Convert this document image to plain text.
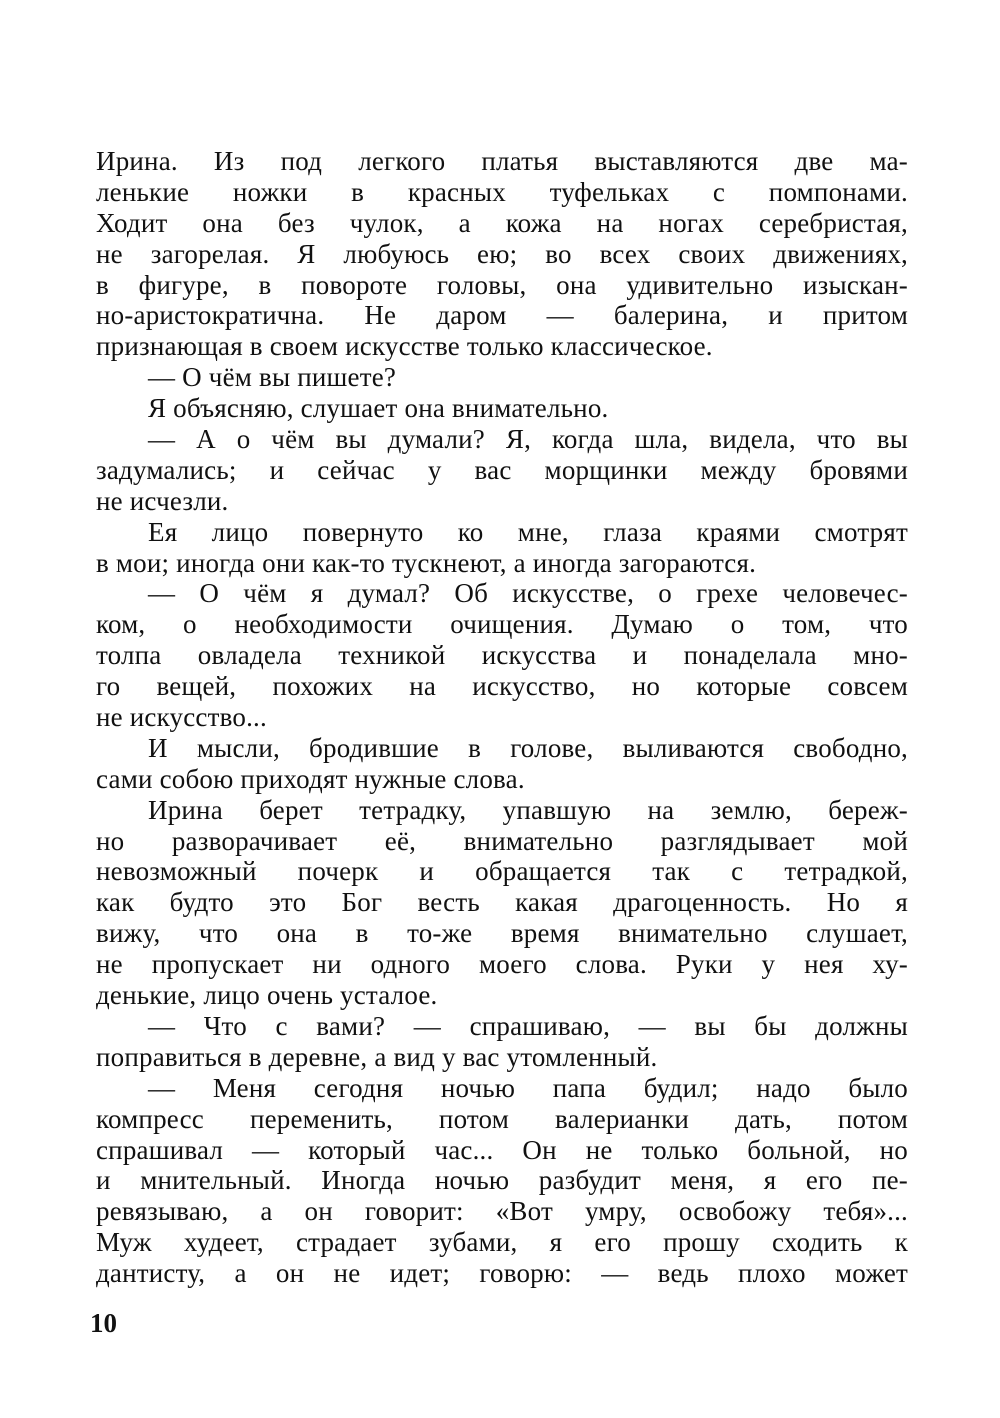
Ирина. Из под легкого платья выставляются две ма-
ленькие ножки в красных туфельках с помпонами.
Ходит она без чулок, а кожа на ногах серебристая,
не загорелая. Я любуюсь ею; во всех своих движениях,
в фигуре, в повороте головы, она удивительно изыскан-
но-аристократична. Не даром — балерина, и притом
признающая в своем искусстве только классическое.
— О чём вы пишете?
Я объясняю, слушает она внимательно.
— А о чём вы думали? Я, когда шла, видела, что вы
задумались; и сейчас у вас морщинки между бровями
не исчезли.
Ея лицо повернуто ко мне, глаза краями смотрят
в мои; иногда они как-то тускнеют, а иногда загораются.
— О чём я думал? Об искусстве, о грехе человечес-
ком, о необходимости очищения. Думаю о том, что
толпа овладела техникой искусства и понаделала мно-
го вещей, похожих на искусство, но которые совсем
не искусство...
И мысли, бродившие в голове, выливаются свободно,
сами собою приходят нужные слова.
Ирина берет тетрадку, упавшую на землю, береж-
но разворачивает её, внимательно разглядывает мой
невозможный почерк и обращается так с тетрадкой,
как будто это Бог весть какая драгоценность. Но я
вижу, что она в то-же время внимательно слушает,
не пропускает ни одного моего слова. Руки у нея ху-
денькие, лицо очень усталое.
— Что с вами? — спрашиваю, — вы бы должны
поправиться в деревне, а вид у вас утомленный.
— Меня сегодня ночью папа будил; надо было
компресс переменить, потом валерианки дать, потом
спрашивал — который час... Он не только больной, но
и мнительный. Иногда ночью разбудит меня, я его пе-
ревязываю, а он говорит: «Вот умру, освобожу тебя»...
Муж худеет, страдает зубами, я его прошу сходить к
дантисту, а он не идет; говорю: — ведь плохо может
10
